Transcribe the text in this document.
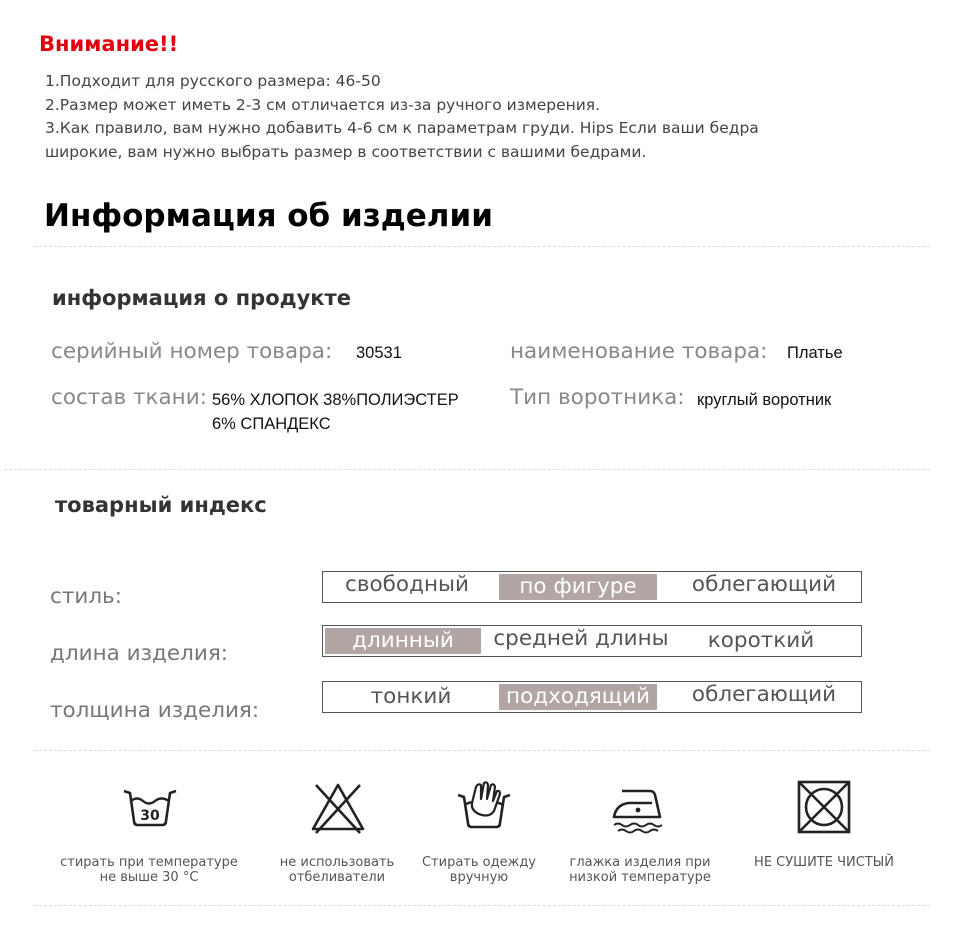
Внимание!!
1.Подходит для русского размера: 46-50
2.Размер может иметь 2-3 см отличается из-за ручного измерения.
3.Как правило, вам нужно добавить 4-6 см к параметрам груди. Hips Если ваши бедра
широкие, вам нужно выбрать размер в соответствии с вашими бедрами.
Информация об изделии
информация о продукте
серийный номер товара: 30531	наименование товара: Платье
состав ткани: 56% ХЛОПОК 38%ПОЛИЭСТЕР
6% СПАНДЕКС
Тип воротника: круглый воротник
товарный индекс
стиль:	свободный	по фигуре	облегающий
длина изделия:
длинный	средней длины	короткий
толщина изделия:
тонкий	подходящий	облегающий
30
стирать при температуре
не выше 30 °C
не использовать
отбеливатели
Стирать одежду
вручную
глажка изделия при
низкой температуре
НЕ СУШИТЕ ЧИСТЫЙ
